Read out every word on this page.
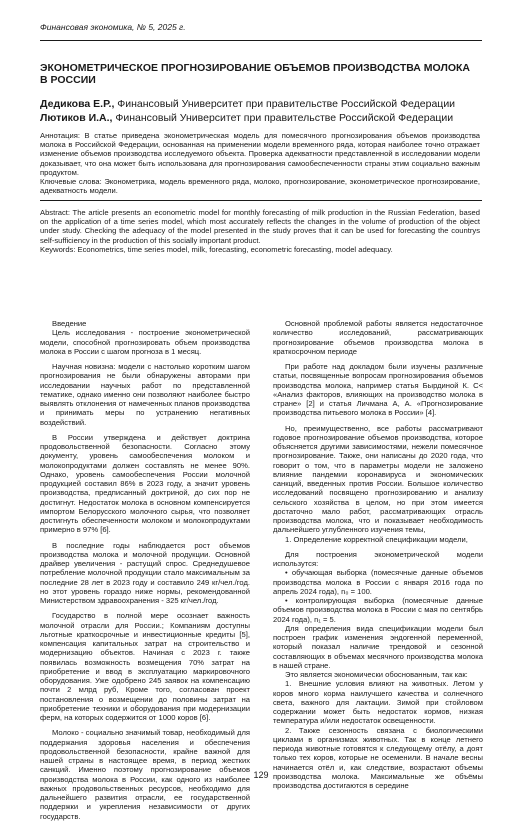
Финансовая экономика, № 5, 2025 г.
ЭКОНОМЕТРИЧЕСКОЕ ПРОГНОЗИРОВАНИЕ ОБЪЕМОВ ПРОИЗВОДСТВА МОЛОКА В РОССИИ
Дедикова Е.Р., Финансовый Университет при правительстве Российской Федерации
Лютиков И.А., Финансовый Университет при правительстве Российской Федерации
Аннотация: В статье приведена эконометрическая модель для помесячного прогнозирования объемов производства молока в Российской Федерации, основанная на применении модели временного ряда, которая наиболее точно отражает изменение объемов производства исследуемого объекта. Проверка адекватности представленной в исследовании модели доказывает, что она может быть использована для прогнозирования самообеспеченности страны этим социально важным продуктом.
Ключевые слова: Эконометрика, модель временного ряда, молоко, прогнозирование, эконометрическое прогнозирование, адекватность модели.
Abstract: The article presents an econometric model for monthly forecasting of milk production in the Russian Federation, based on the application of a time series model, which most accurately reflects the changes in the volume of production of the object under study. Checking the adequacy of the model presented in the study proves that it can be used for forecasting the countrys self-sufficiency in the production of this socially important product.
Keywords: Econometrics, time series model, milk, forecasting, econometric forecasting, model adequacy.

Введение

Цель исследования - построение эконометрической модели, способной прогнозировать объем производства молока в России с шагом прогноза в 1 месяц.

Научная новизна: модели с настолько коротким шагом прогнозирования не были обнаружены авторами при исследовании научных работ по представленной тематике, однако именно они позволяют наиболее быстро выявлять отклонения от намеченных планов производства и принимать меры по устранению негативных воздействий.

В России утверждена и действует доктрина продовольственной безопасности. Согласно этому документу, уровень самообеспечения молоком и молокопродуктами должен составлять не менее 90%. Однако, уровень самообеспечения России молочной продукцией составил 86% в 2023 году, а значит уровень производства, предписанный доктриной, до сих пор не достигнут. Недостаток молока в основном компенсируется импортом Белорусского молочного сырья, что позволяет достигнуть обеспеченности молоком и молокопродуктами примерно в 97% [6].

В последние годы наблюдается рост объемов производства молока и молочной продукции. Основной драйвер увеличения - растущий спрос. Среднедушевое потребление молочной продукции стало максимальным за последние 28 лет в 2023 году и составило 249 кг/чел./год. но этот уровень гораздо ниже нормы, рекомендованной Министерством здравоохранения - 325 кг/чел./год.

Государство в полной мере осознает важность молочной отрасли для России.; Компаниям доступны льготные краткосрочные и инвестиционные кредиты [5], компенсация капитальных затрат на строительство и модернизацию объектов. Начиная с 2023 г. также появилась возможность возмещения 70% затрат на приобретение и ввод в эксплуатацию маркировочного оборудования. Уже одобрено 245 заявок на компенсацию почти 2 млрд руб, Кроме того, согласован проект постановления о возмещении до половины затрат на приобретение техники и оборудования при модернизации ферм, на которых содержится от 1000 коров [6].

Молоко - социально значимый товар, необходимый для поддержания здоровья населения и обеспечения продовольственной безопасности, крайне важной для нашей страны в настоящее время, в период жестких санкций. Именно поэтому прогнозирование объемов производства молока в России, как одного из наиболее важных продовольственных ресурсов, необходимо для дальнейшего развития отрасли, ее государственной поддержки и укрепления независимости от других государств.

Основной проблемой работы является недостаточное количество исследований, рассматривающих прогнозирование объемов производства молока в краткосрочном периоде

При работе над докладом были изучены различные статьи, посвященные вопросам прогнозирования объемов производства молока, например статья Бырдиной К. С< «Анализ факторов, влияющих на производство молока в стране» [2] и статья Личмана А, А. «Прогнозирование производства питьевого молока в России» [4].

Но, преимущественно, все работы рассматривают годовое прогнозирование объемов производства, которое объясняется другими зависимостями, нежели помесячное прогнозирование. Также, они написаны до 2020 года, что говорит о том, что в параметры модели не заложено влияние пандемии коронавируса и экономических санкций, введенных против России. Большое количество исследований посвящено прогнозированию и анализу сельского хозяйства в целом, но при этом имеется достаточно мало работ, рассматривающих отрасль производства молока, что и показывает необходимость дальнейшего углубленного изучения темы,

1. Определение корректной спецификации модели,

Для построения эконометрической модели использутся:

• обучающая выборка (помесячные данные объемов производства молока в России с января 2016 года по апрель 2024 года), n₀ = 100.

• контролирующая выборка (помесячные данные объемов производства молока в России с мая по сентябрь 2024 года), n₁ = 5.

Для определения вида спецификации модели был построен график изменения эндогенной переменной, который показал наличие трендовой и сезонной составляющих в объемах месячного производства молока в нашей стране.

Это является экономически обоснованным, так как:

1. Внешние условия влияют на животных. Летом у коров много корма наилучшего качества и солнечного света, важного для лактации. Зимой при стойловом содержании может быть недостаток кормов, низкая температура и/или недостаток освещенности.

2. Также сезонность связана с биологическими циклами в организмах животных. Так в конце летнего периода животные готовятся к следующему отёлу, а доят только тех коров, которые не осеменили. В начале весны начинается отёл и, как следствие, возрастают объемы производства молока. Максимальные же объёмы производства достигаются в середине

129
